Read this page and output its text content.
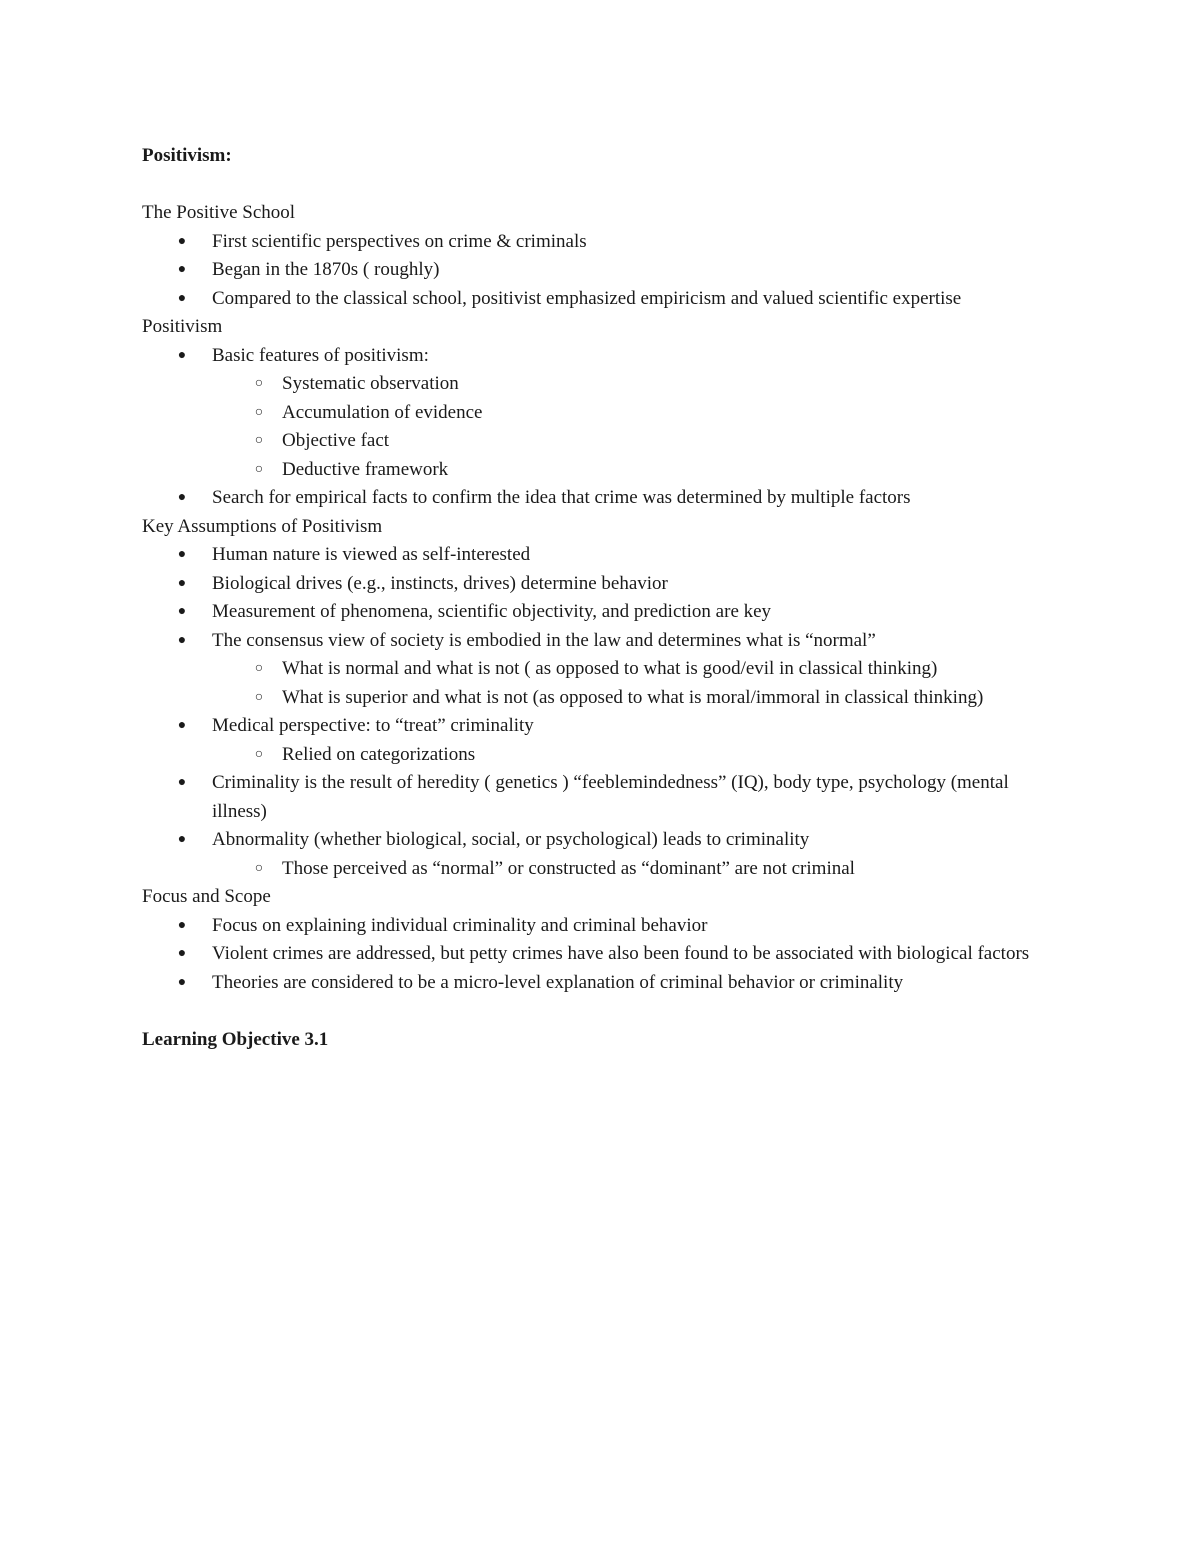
Positivism:

The Positive School

● First scientific perspectives on crime & criminals
● Began in the 1870s ( roughly)
● Compared to the classical school, positivist emphasized empiricism and valued scientific expertise

Positivism

● Basic features of positivism:
○ Systematic observation
○ Accumulation of evidence
○ Objective fact
○ Deductive framework
● Search for empirical facts to confirm the idea that crime was determined by multiple factors

Key Assumptions of Positivism

● Human nature is viewed as self-interested
● Biological drives (e.g., instincts, drives) determine behavior
● Measurement of phenomena, scientific objectivity, and prediction are key
● The consensus view of society is embodied in the law and determines what is “normal”
○ What is normal and what is not ( as opposed to what is good/evil in classical thinking)
○ What is superior and what is not (as opposed to what is moral/immoral in classical thinking)
● Medical perspective: to “treat” criminality
○ Relied on categorizations
● Criminality is the result of heredity ( genetics ) “feeblemindedness” (IQ), body type, psychology (mental illness)
● Abnormality (whether biological, social, or psychological) leads to criminality
○ Those perceived as “normal” or constructed as “dominant” are not criminal

Focus and Scope

● Focus on explaining individual criminality and criminal behavior
● Violent crimes are addressed, but petty crimes have also been found to be associated with biological factors
● Theories are considered to be a micro-level explanation of criminal behavior or criminality

Learning Objective 3.1
